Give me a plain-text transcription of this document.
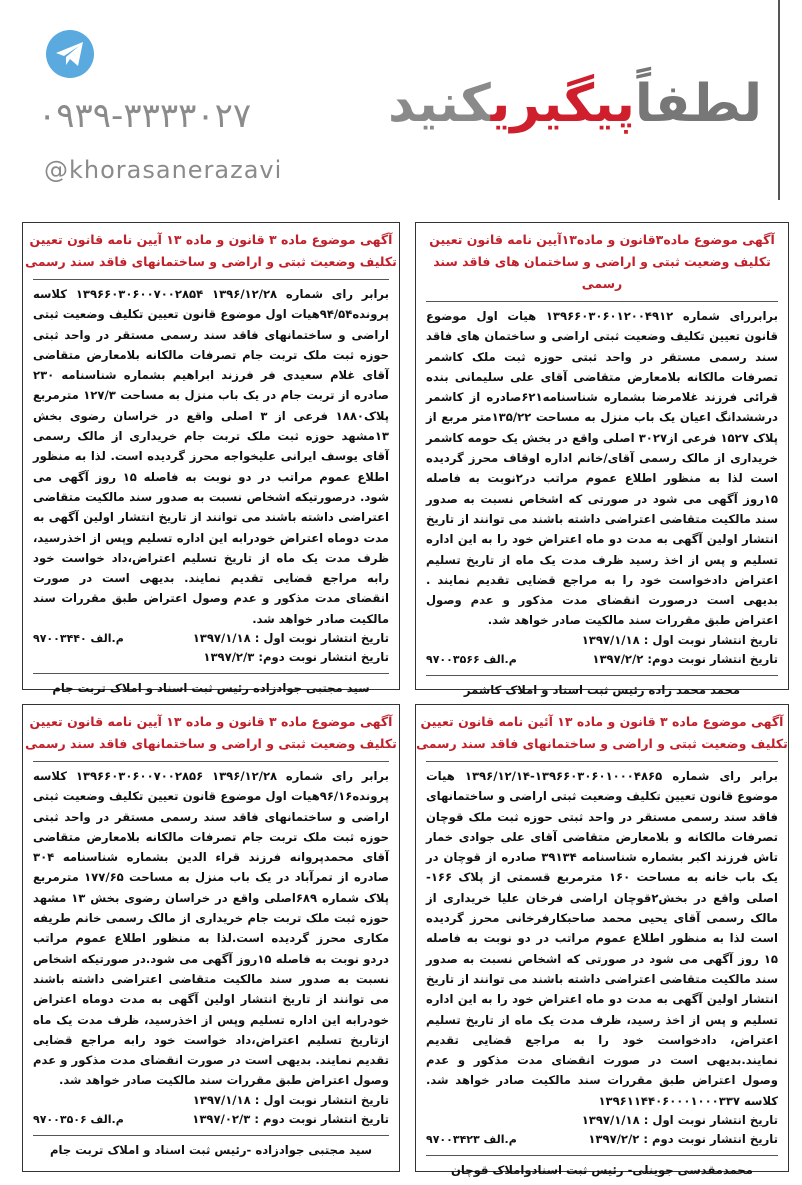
۰۹۳۹-۳۳۳۳۰۲۷
@khorasanerazavi
لطفاًپیگیریکنید
آگهی موضوع ماده۳قانون و ماده۱۳آیین نامه قانون تعیین
تکلیف وضعیت ثبتی و اراضی و ساختمان های فاقد سند رسمی

برابررای شماره ۱۳۹۶۶۰۳۰۶۰۱۲۰۰۴۹۱۲ هیات اول موضوع قانون تعیین تکلیف وضعیت ثبتی اراضی و ساختمان های فاقد سند رسمی مستقر در واحد ثبتی حوزه ثبت ملک کاشمر تصرفات مالکانه بلامعارض متقاضی آقای علی سلیمانی بنده قرائی فرزند غلامرضا بشماره شناسنامه۶۲۱صادره از کاشمر درششدانگ اعیان یک باب منزل به مساحت ۱۳۵/۲۲متر مربع از پلاک ۱۵۲۷ فرعی از۳۰۲۷ اصلی واقع در بخش یک حومه کاشمر خریداری از مالک رسمی آقای/خانم اداره اوقاف محرز گردیده است لذا به منظور اطلاع عموم مراتب در۲نوبت به فاصله ۱۵روز آگهی می شود در صورتی که اشخاص نسبت به صدور سند مالکیت متقاضی اعتراضی داشته باشند می توانند از تاریخ انتشار اولین آگهی به مدت دو ماه اعتراض خود را به این اداره تسلیم و پس از اخذ رسید ظرف مدت یک ماه از تاریخ تسلیم اعتراض دادخواست خود را به مراجع قضایی تقدیم نمایند . بدیهی است درصورت انقضای مدت مذکور و عدم وصول اعتراض طبق مقررات سند مالکیت صادر خواهد شد.

تاریخ انتشار نوبت اول : ۱۳۹۷/۱/۱۸
تاریخ انتشار نوبت دوم: ۱۳۹۷/۲/۲
م.الف ۹۷۰۰۳۵۶۶
محمد محمد زاده رئیس ثبت اسناد و املاک کاشمر
آگهی موضوع ماده ۳ قانون و ماده ۱۳ آیین نامه قانون تعیین
تکلیف وضعیت ثبتی و اراضی و ساختمانهای فاقد سند رسمی

برابر رای شماره ۱۳۹۶/۱۲/۲۸ ۱۳۹۶۶۰۳۰۶۰۰۷۰۰۲۸۵۴ کلاسه پرونده۹۴/۵۴هیات اول موضوع قانون تعیین تکلیف وضعیت ثبتی اراضی و ساختمانهای فاقد سند رسمی مستقر در واحد ثبتی حوزه ثبت ملک تربت جام تصرفات مالکانه بلامعارض متقاضی آقای غلام سعیدی فر فرزند ابراهیم بشماره شناسنامه ۲۳۰ صادره از تربت جام در یک باب منزل به مساحت ۱۲۷/۳ مترمربع پلاک۱۸۸۰ فرعی از ۳ اصلی واقع در خراسان رضوی بخش ۱۳مشهد حوزه ثبت ملک تربت جام خریداری از مالک رسمی آقای یوسف ایرانی علیخواجه محرز گردیده است. لذا به منظور اطلاع عموم مراتب در دو نوبت به فاصله ۱۵ روز آگهی می شود. درصورتیکه اشخاص نسبت به صدور سند مالکیت متقاضی اعتراضی داشته باشند می توانند از تاریخ انتشار اولین آگهی به مدت دوماه اعتراض خودرابه این اداره تسلیم وپس از اخذرسید، ظرف مدت یک ماه از تاریخ تسلیم اعتراض،داد خواست خود رابه مراجع قضایی تقدیم نمایند. بدیهی است در صورت انقضای مدت مذکور و عدم وصول اعتراض طبق مقررات سند مالکیت صادر خواهد شد.

تاریخ انتشار نوبت اول : ۱۳۹۷/۱/۱۸
م.الف ۹۷۰۰۳۴۴۰
تاریخ انتشار نوبت دوم: ۱۳۹۷/۲/۳
سید مجتبی جوادزاده رئیس ثبت اسناد و املاک تربت جام
آگهی موضوع ماده ۳ قانون و ماده ۱۳ آئین نامه قانون تعیین
تکلیف وضعیت ثبتی و اراضی و ساختمانهای فاقد سند رسمی

برابر رای شماره ۱۳۹۶۶۰۳۰۶۰۱۰۰۰۴۸۶۵-۱۳۹۶/۱۲/۱۴ هیات موضوع قانون تعیین تکلیف وضعیت ثبتی اراضی و ساختمانهای فاقد سند رسمی مستقر در واحد ثبتی حوزه ثبت ملک قوچان تصرفات مالکانه و بلامعارض متقاضی آقای علی جوادی خمار تاش فرزند اکبر بشماره شناسنامه ۳۹۱۳۴ صادره از قوچان در یک باب خانه به مساحت ۱۶۰ مترمربع قسمتی از پلاک ۱۶۶- اصلی واقع در بخش۲قوچان اراضی فرخان علیا خریداری از مالک رسمی آقای یحیی محمد صاحبکارفرخانی محرز گردیده است لذا به منظور اطلاع عموم مراتب در دو نوبت به فاصله ۱۵ روز آگهی می شود در صورتی که اشخاص نسبت به صدور سند مالکیت متقاضی اعتراضی داشته باشند می توانند از تاریخ انتشار اولین آگهی به مدت دو ماه اعتراض خود را به این اداره تسلیم و پس از اخذ رسید، ظرف مدت یک ماه از تاریخ تسلیم اعتراض، دادخواست خود را به مراجع قضایی تقدیم نمایند.بدیهی است در صورت انقضای مدت مذکور و عدم وصول اعتراض طبق مقررات سند مالکیت صادر خواهد شد. کلاسه ۱۳۹۶۱۱۴۴۰۶۰۰۰۱۰۰۰۳۳۷

تاریخ انتشار نوبت اول : ۱۳۹۷/۱/۱۸
تاریخ انتشار نوبت دوم : ۱۳۹۷/۲/۲
م.الف ۹۷۰۰۳۴۲۳
محمدمقدسی جوینلی- رئیس ثبت اسنادواملاک قوچان
آگهی موضوع ماده ۳ قانون و ماده ۱۳ آیین نامه قانون تعیین
تکلیف وضعیت ثبتی و اراضی و ساختمانهای فاقد سند رسمی

برابر رای شماره ۱۳۹۶/۱۲/۲۸ ۱۳۹۶۶۰۳۰۶۰۰۷۰۰۲۸۵۶ کلاسه پرونده۹۶/۱۶هیات اول موضوع قانون تعیین تکلیف وضعیت ثبتی اراضی و ساختمانهای فاقد سند رسمی مستقر در واحد ثبتی حوزه ثبت ملک تربت جام تصرفات مالکانه بلامعارض متقاضی آقای محمدپروانه فرزند قراء الدین بشماره شناسنامه ۳۰۴ صادره از تمرآباد در یک باب منزل به مساحت ۱۷۷/۶۵ مترمربع پلاک شماره ۶۸۹اصلی واقع در خراسان رضوی بخش ۱۳ مشهد حوزه ثبت ملک تربت جام خریداری از مالک رسمی خانم طریفه مکاری محرز گردیده است.لذا به منظور اطلاع عموم مراتب دردو نوبت به فاصله ۱۵روز آگهی می شود.در صورتیکه اشخاص نسبت به صدور سند مالکیت متقاضی اعتراضی داشته باشند می توانند از تاریخ انتشار اولین آگهی به مدت دوماه اعتراض خودرابه این اداره تسلیم وپس از اخذرسید، ظرف مدت یک ماه ازتاریخ تسلیم اعتراض،داد خواست خود رابه مراجع قضایی تقدیم نمایند. بدیهی است در صورت انقضای مدت مذکور و عدم وصول اعتراض طبق مقررات سند مالکیت صادر خواهد شد.

تاریخ انتشار نوبت اول : ۱۳۹۷/۱/۱۸
تاریخ انتشار نوبت دوم : ۱۳۹۷/۰۲/۳
م.الف ۹۷۰۰۳۵۰۶
سید مجتبی جوادزاده -رئیس ثبت اسناد و املاک تربت جام
